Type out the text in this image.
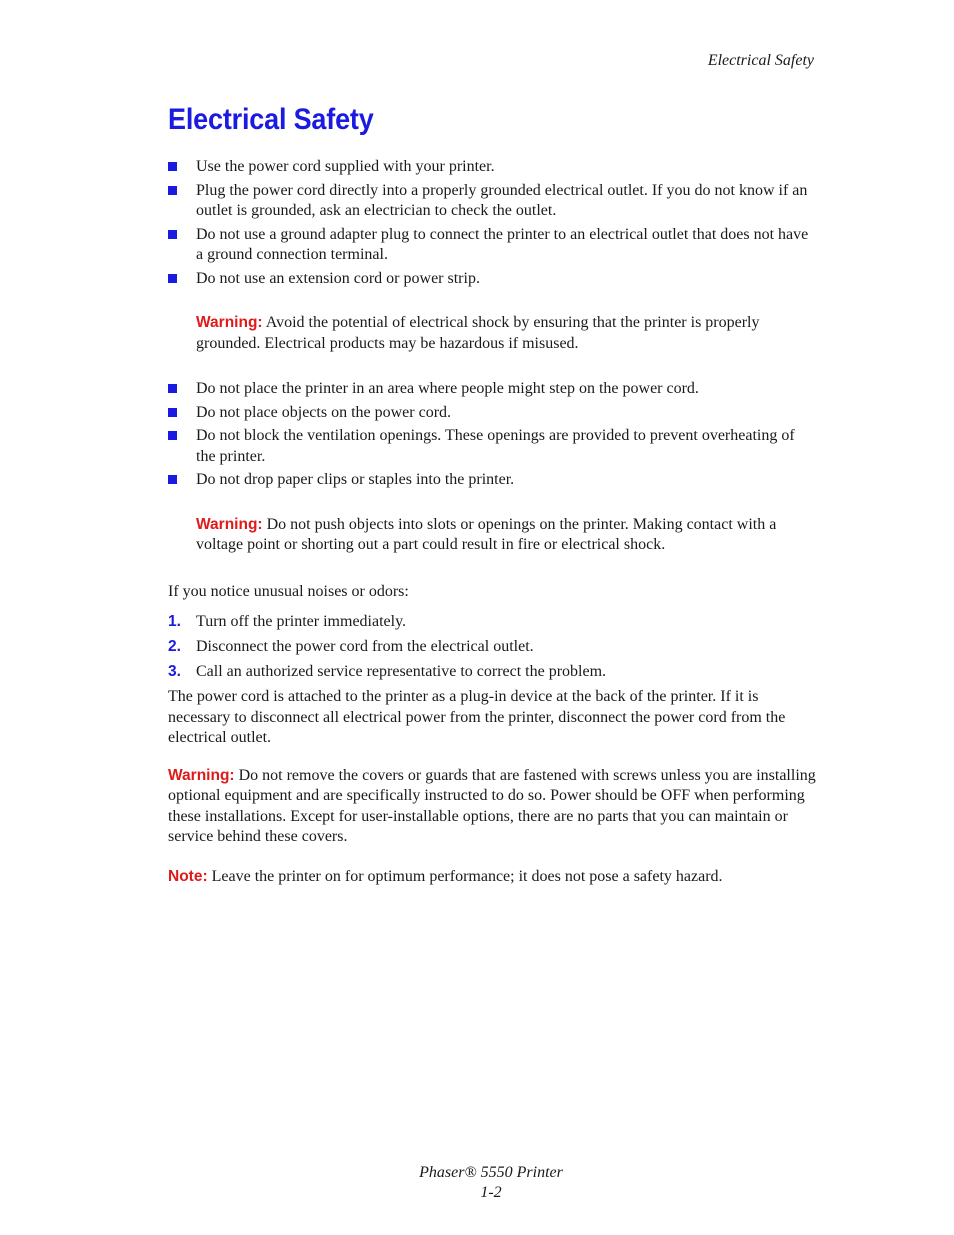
Electrical Safety
Electrical Safety
Use the power cord supplied with your printer.
Plug the power cord directly into a properly grounded electrical outlet. If you do not know if an outlet is grounded, ask an electrician to check the outlet.
Do not use a ground adapter plug to connect the printer to an electrical outlet that does not have a ground connection terminal.
Do not use an extension cord or power strip.

Warning: Avoid the potential of electrical shock by ensuring that the printer is properly grounded. Electrical products may be hazardous if misused.

Do not place the printer in an area where people might step on the power cord.
Do not place objects on the power cord.
Do not block the ventilation openings. These openings are provided to prevent overheating of the printer.
Do not drop paper clips or staples into the printer.

Warning: Do not push objects into slots or openings on the printer. Making contact with a voltage point or shorting out a part could result in fire or electrical shock.

If you notice unusual noises or odors:

1. Turn off the printer immediately.
2. Disconnect the power cord from the electrical outlet.
3. Call an authorized service representative to correct the problem.

The power cord is attached to the printer as a plug-in device at the back of the printer. If it is necessary to disconnect all electrical power from the printer, disconnect the power cord from the electrical outlet.

Warning: Do not remove the covers or guards that are fastened with screws unless you are installing optional equipment and are specifically instructed to do so. Power should be OFF when performing these installations. Except for user-installable options, there are no parts that you can maintain or service behind these covers.

Note: Leave the printer on for optimum performance; it does not pose a safety hazard.

Phaser® 5550 Printer
1-2
